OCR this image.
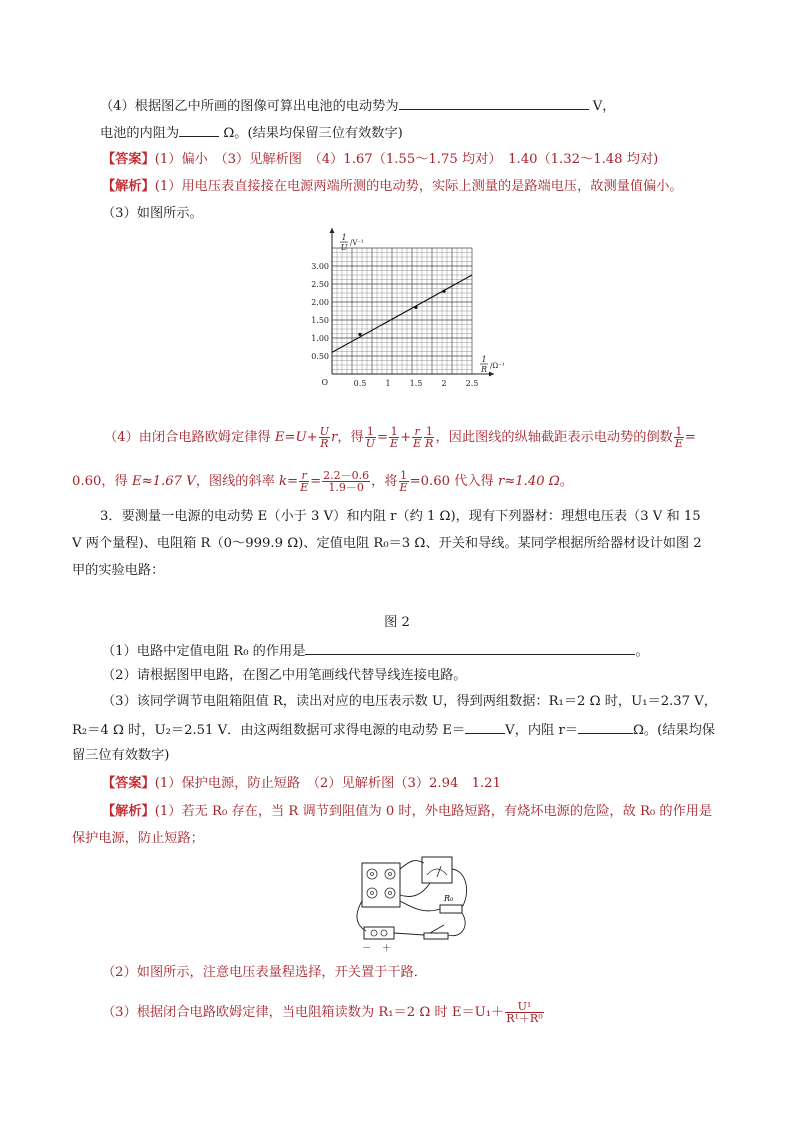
（4）根据图乙中所画的图像可算出电池的电动势为	V，
电池的内阻为	Ω。(结果均保留三位有效数字)
【答案】(1）偏小　（3）见解析图　（4）1.67（1.55～1.75 均对）　1.40（1.32～1.48 均对)
【解析】(1）用电压表直接接在电源两端所测的电动势，实际上测量的是路端电压，故测量值偏小。
（3）如图所示。
0.5 1 1.5 2 2.5
0.50
1.00
1.50
2.00
2.50
3.00
O
1
U /V⁻¹
1
R /Ω⁻¹
（4）由闭合电路欧姆定律得 $E=U+ \frac{U}{R}$ r，得 $\frac{1}{U} = \frac{1}{E} + \frac{r}{E} \frac{1}{R}$ ，因此图线的纵轴截距表示电动势的倒数 $\frac{1}{E}$ =
0.60，得 E≈1.67 V，图线的斜率 $k= \frac{r}{E} = \frac{2.2-0.6}{1.9-0}$ ，将 $\frac{1}{E} =0.60$ 代入得 r≈1.40 Ω。
3．要测量一电源的电动势 E（小于 3 V）和内阻 r（约 1 Ω)，现有下列器材：理想电压表（3 V 和 15
V 两个量程)、电阻箱 R（0～999.9 Ω)、定值电阻 R₀＝3 Ω、开关和导线。某同学根据所给器材设计如图 2
甲的实验电路：
图 2
（1）电路中定值电阻 R₀ 的作用是	。
（2）请根据图甲电路，在图乙中用笔画线代替导线连接电路。
（3）该同学调节电阻箱阻值 R，读出对应的电压表示数 U，得到两组数据：R₁＝2 Ω 时，U₁＝2.37 V，
R₂＝4 Ω 时，U₂＝2.51 V．由这两组数据可求得电源的电动势 E＝	V，内阻 r＝	Ω。(结果均保
留三位有效数字)
【答案】(1）保护电源，防止短路　（2）见解析图（3）2.94　1.21
【解析】(1）若无 R₀ 存在，当 R 调节到阻值为 0 时，外电路短路，有烧坏电源的危险，故 R₀ 的作用是
保护电源，防止短路；
R₀
－ ＋
（2）如图所示，注意电压表量程选择，开关置于干路．
（3）根据闭合电路欧姆定律，当电阻箱读数为 R₁＝2 Ω 时 $E=U_1+ \frac{\text{U¹}}{\text{R¹＋R⁰}}$
